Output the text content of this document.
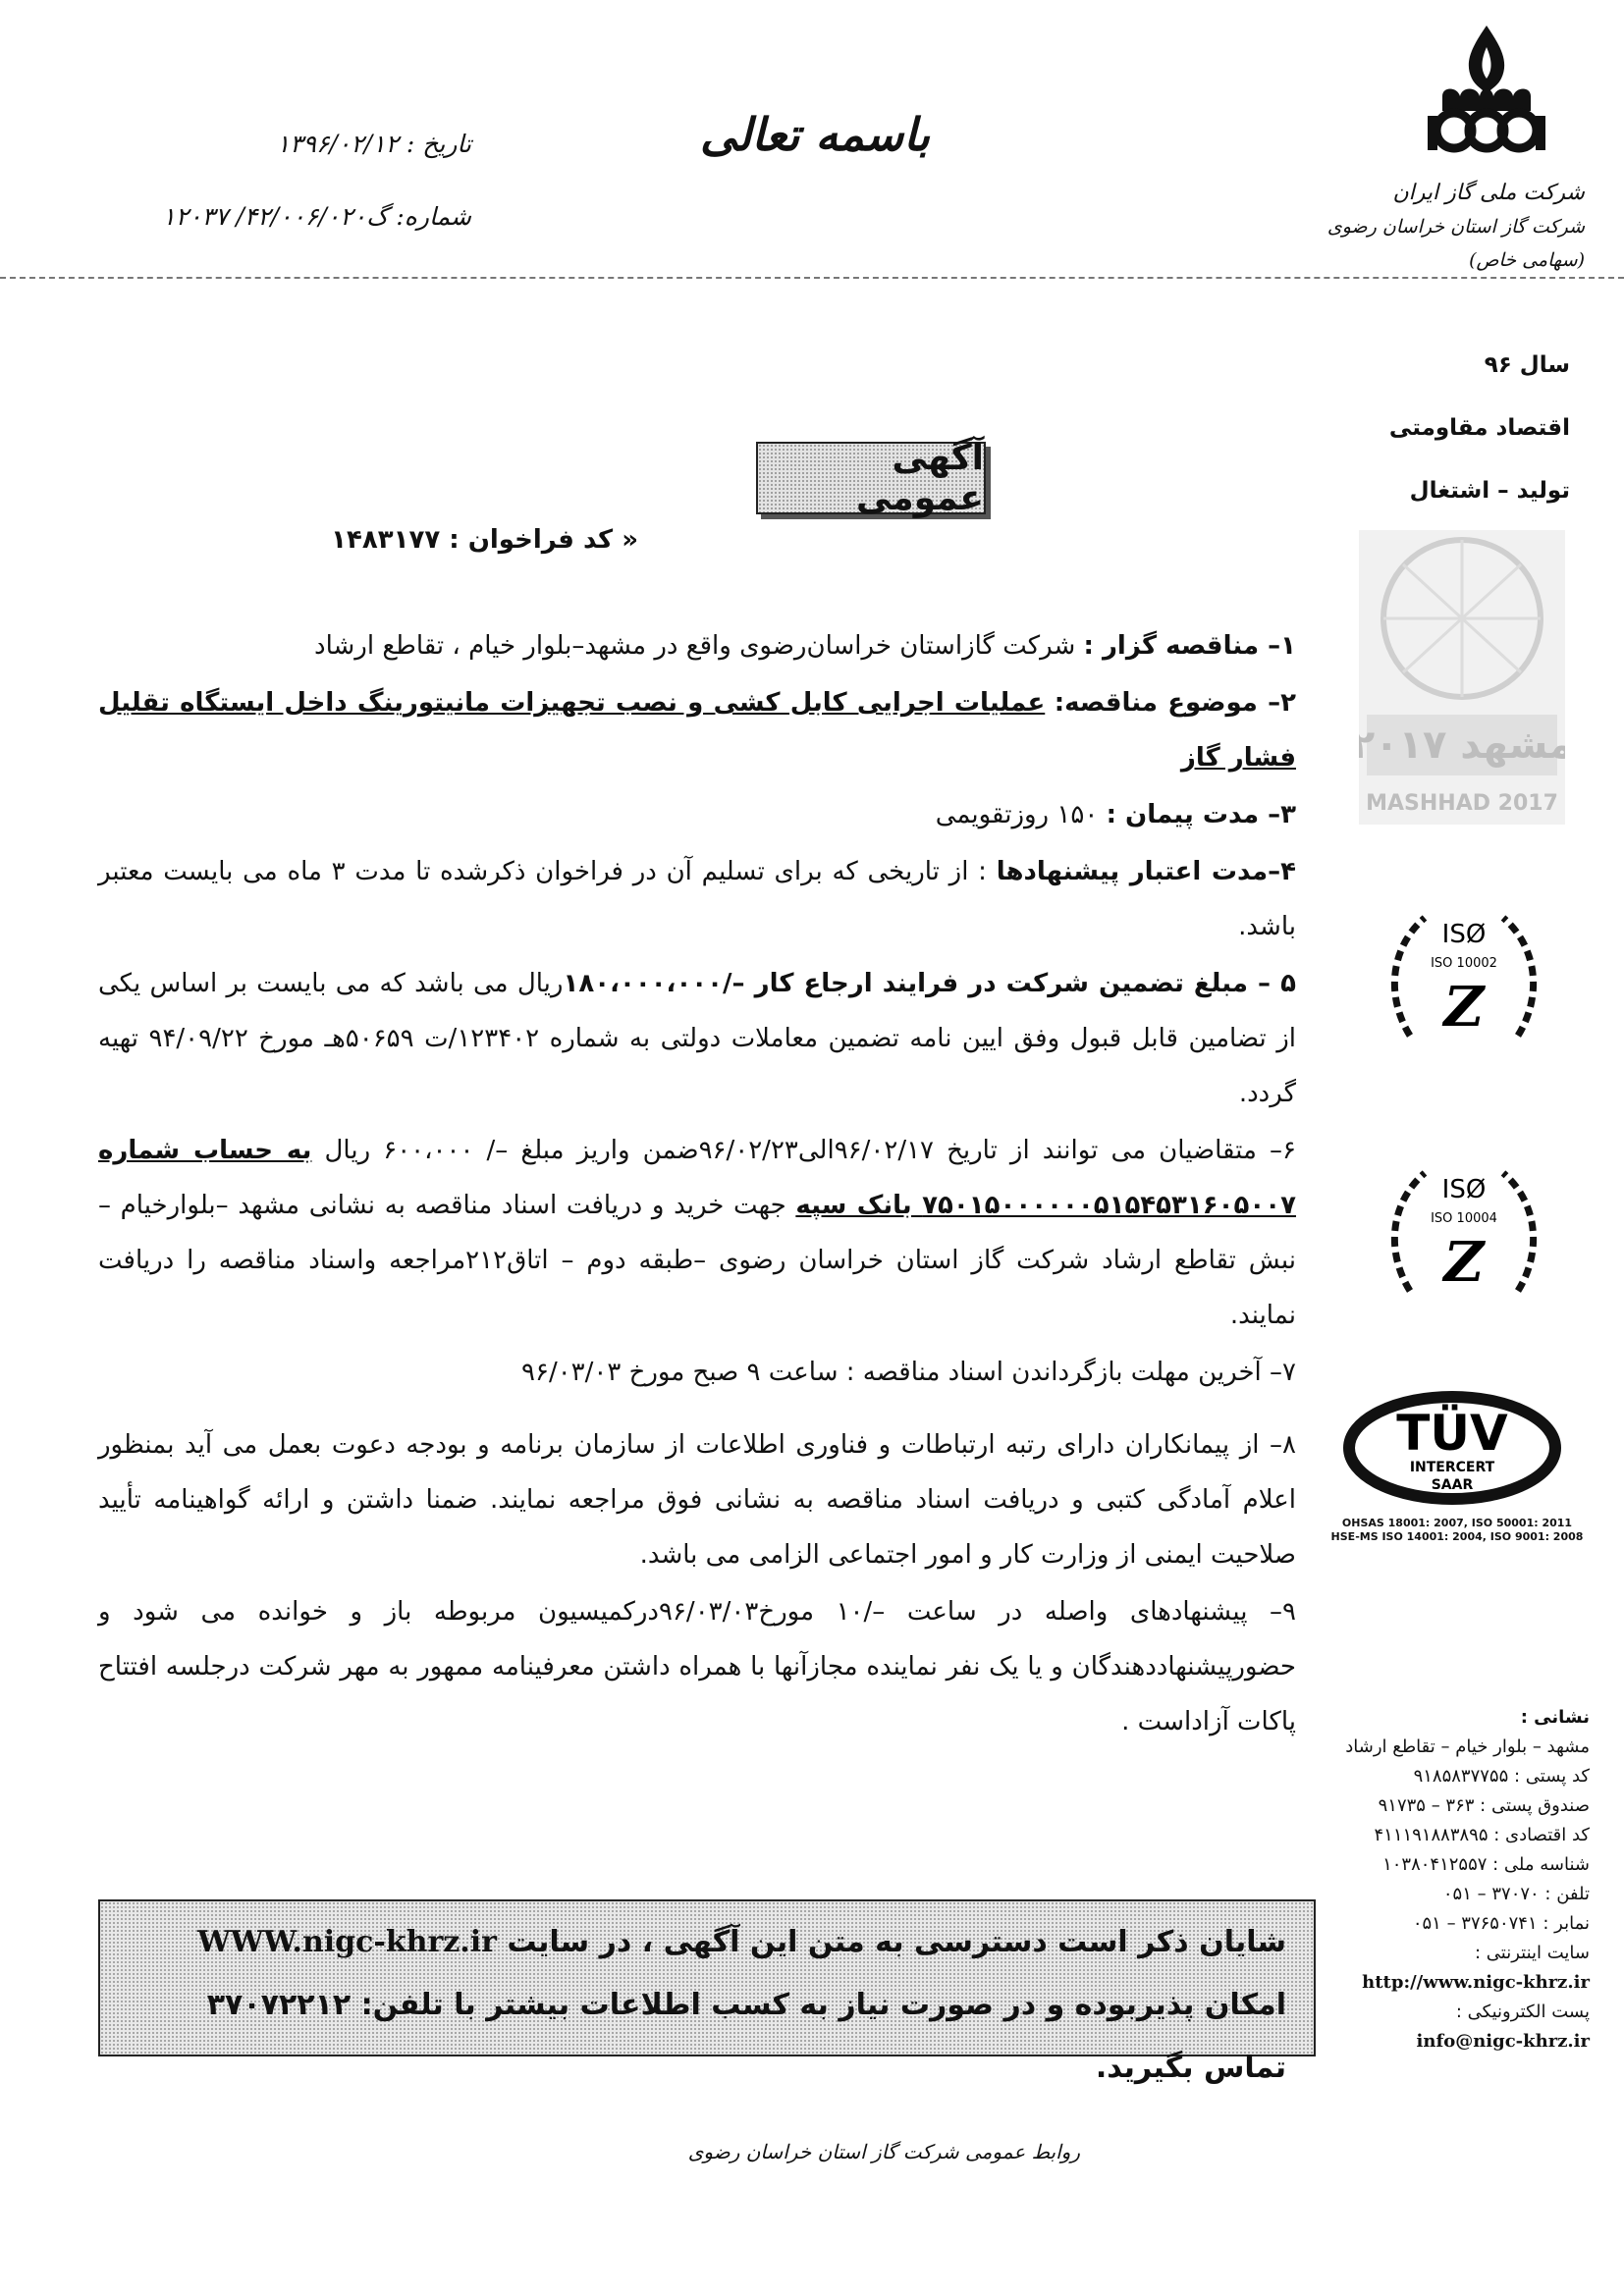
شرکت ملی گاز ایران
شرکت گاز استان خراسان رضوی (سهامی خاص)
باسمه تعالی
تاریخ : ۱۳۹۶/۰۲/۱۲
شماره: گ۴۲/۰۰۶/۰۲۰/ ۱۲۰۳۷
سال ۹۶
اقتصاد مقاومتی
تولید – اشتغال
مشهد ۲۰۱۷
MASHHAD 2017
ISØ
ISO 10002
Z
ISØ
ISO 10004
Z
TÜV
INTERCERT
SAAR
OHSAS 18001: 2007, ISO 50001: 2011
HSE-MS ISO 14001: 2004, ISO 9001: 2008
نشانی :
مشهد – بلوار خیام – تقاطع ارشاد
کد پستی : ۹۱۸۵۸۳۷۷۵۵
صندوق پستی : ۳۶۳ – ۹۱۷۳۵
کد اقتصادی : ۴۱۱۱۹۱۸۸۳۸۹۵
شناسه ملی : ۱۰۳۸۰۴۱۲۵۵۷
تلفن : ۳۷۰۷۰ – ۰۵۱
نمابر : ۳۷۶۵۰۷۴۱ – ۰۵۱
سایت اینترنتی :
http://www.nigc-khrz.ir
پست الکترونیکی :
info@nigc-khrz.ir
آگهی عمومی
« کد فراخوان : ۱۴۸۳۱۷۷
۱– مناقصه گزار : شرکت گازاستان خراسان‌رضوی واقع در مشهد–بلوار خیام ، تقاطع ارشاد
۲– موضوع مناقصه: عملیات اجرایی کابل کشی و نصب تجهیزات مانیتورینگ داخل ایستگاه تقلیل فشار گاز
۳– مدت پیمان : ۱۵۰ روزتقویمی
۴–مدت اعتبار پیشنهادها : از تاریخی که برای تسلیم آن در فراخوان ذکرشده تا مدت ۳ ماه می بایست معتبر باشد.
۵ – مبلغ تضمین شرکت در فرایند ارجاع کار –/۱۸۰،۰۰۰،۰۰۰ریال می باشد که می بایست بر اساس یکی از تضامین قابل قبول وفق ایین نامه تضمین معاملات دولتی به شماره ۱۲۳۴۰۲/ت ۵۰۶۵۹هـ مورخ ۹۴/۰۹/۲۲ تهیه گردد.
۶– متقاضیان می توانند از تاریخ ۹۶/۰۲/۱۷الی۹۶/۰۲/۲۳ضمن واریز مبلغ –/ ۶۰۰،۰۰۰ ریال به حساب شماره ۷۵۰۱۵۰۰۰۰۰۰۵۱۵۴۵۳۱۶۰۵۰۰۷ بانک سپه جهت خرید و دریافت اسناد مناقصه به نشانی مشهد –بلوارخیام –نبش تقاطع ارشاد شرکت گاز استان خراسان رضوی –طبقه دوم – اتاق۲۱۲مراجعه واسناد مناقصه را دریافت نمایند.
۷– آخرین مهلت بازگرداندن اسناد مناقصه : ساعت ۹ صبح مورخ ۹۶/۰۳/۰۳
۸– از پیمانکاران دارای رتبه ارتباطات و فناوری اطلاعات از سازمان برنامه و بودجه دعوت بعمل می آید بمنظور اعلام آمادگی کتبی و دریافت اسناد مناقصه به نشانی فوق مراجعه نمایند. ضمنا داشتن و ارائه گواهینامه تأیید صلاحیت ایمنی از وزارت کار و امور اجتماعی الزامی می باشد.
۹– پیشنهادهای واصله در ساعت –/۱۰ مورخ۹۶/۰۳/۰۳درکمیسیون مربوطه باز و خوانده می شود و حضورپیشنهاددهندگان و یا یک نفر نماینده مجازآنها با همراه داشتن معرفینامه ممهور به مهر شرکت درجلسه افتتاح پاکات آزاداست .
شایان ذکر است دسترسی به متن این آگهی ، در سایت WWW.nigc-khrz.ir امکان پذیربوده و در صورت نیاز به کسب اطلاعات بیشتر با تلفن: ۳۷۰۷۲۲۱۲ تماس بگیرید.
روابط عمومی شرکت گاز استان خراسان رضوی
